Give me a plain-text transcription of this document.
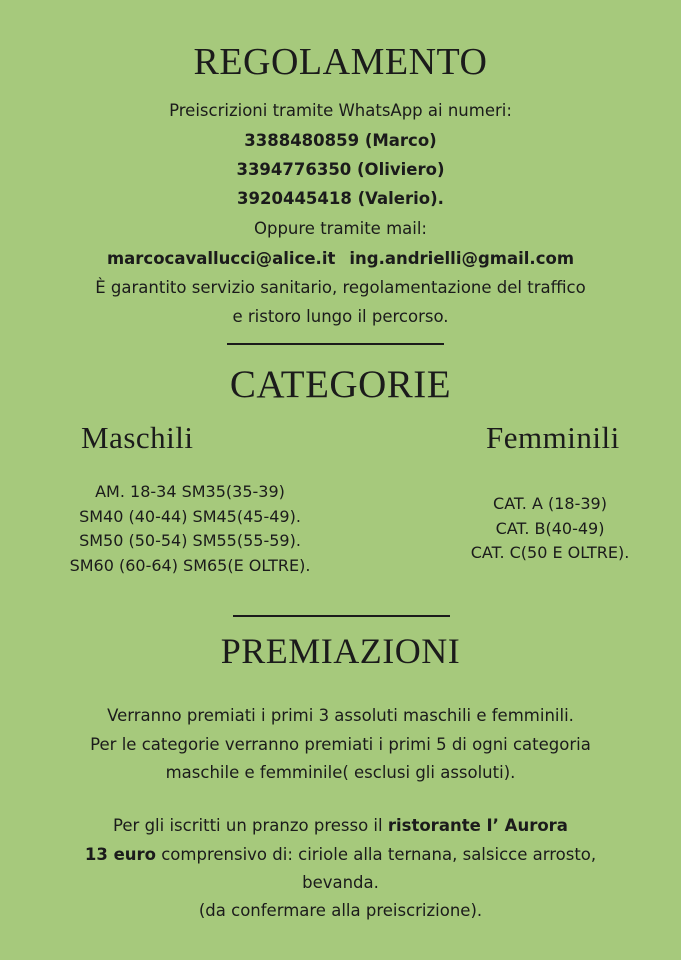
REGOLAMENTO
Preiscrizioni tramite WhatsApp ai numeri:
3388480859 (Marco)
3394776350 (Oliviero)
3920445418 (Valerio).
Oppure tramite mail:
marcocavallucci@alice.it ing.andrielli@gmail.com
È garantito servizio sanitario, regolamentazione del traffico
e ristoro lungo il percorso.
CATEGORIE
Maschili	Femminili
AM. 18-34 SM35(35-39)
SM40 (40-44) SM45(45-49).
SM50 (50-54) SM55(55-59).
SM60 (60-64) SM65(E OLTRE).
CAT. A (18-39)
CAT. B(40-49)
CAT. C(50 E OLTRE).
PREMIAZIONI
Verranno premiati i primi 3 assoluti maschili e femminili.
Per le categorie verranno premiati i primi 5 di ogni categoria
maschile e femminile( esclusi gli assoluti).
Per gli iscritti un pranzo presso il ristorante I’ Aurora
13 euro comprensivo di: ciriole alla ternana, salsicce arrosto,
bevanda.
(da confermare alla preiscrizione).
